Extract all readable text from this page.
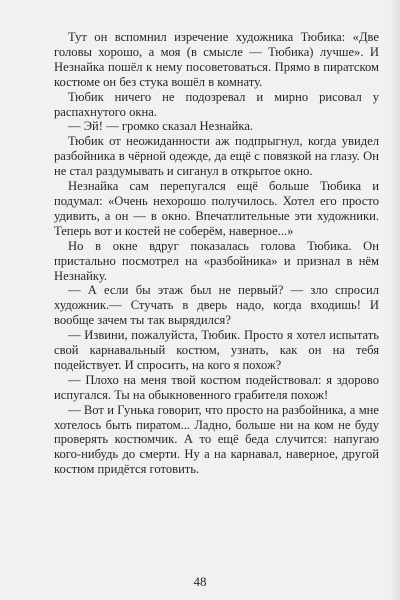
Тут он вспомнил изречение художника Тюбика: «Две головы хорошо, а моя (в смысле — Тюбика) лучше». И Незнайка пошёл к нему посоветоваться. Прямо в пиратском костюме он без стука вошёл в комнату.

Тюбик ничего не подозревал и мирно рисовал у распахнутого окна.

— Эй! — громко сказал Незнайка.

Тюбик от неожиданности аж подпрыгнул, когда увидел разбойника в чёрной одежде, да ещё с повязкой на глазу. Он не стал раздумывать и сиганул в открытое окно.

Незнайка сам перепугался ещё больше Тюбика и подумал: «Очень нехорошо получилось. Хотел его просто удивить, а он — в окно. Впечатлительные эти художники. Теперь вот и костей не соберём, наверное...»

Но в окне вдруг показалась голова Тюбика. Он пристально посмотрел на «разбойника» и признал в нём Незнайку.

— А если бы этаж был не первый? — зло спросил художник.— Стучать в дверь надо, когда входишь! И вообще зачем ты так вырядился?

— Извини, пожалуйста, Тюбик. Просто я хотел испытать свой карнавальный костюм, узнать, как он на тебя подействует. И спросить, на кого я похож?

— Плохо на меня твой костюм подействовал: я здорово испугался. Ты на обыкновенного грабителя похож!

— Вот и Гунька говорит, что просто на разбойника, а мне хотелось быть пиратом... Ладно, больше ни на ком не буду проверять костюмчик. А то ещё беда случится: напугаю кого-нибудь до смерти. Ну а на карнавал, наверное, другой костюм придётся готовить.

48
